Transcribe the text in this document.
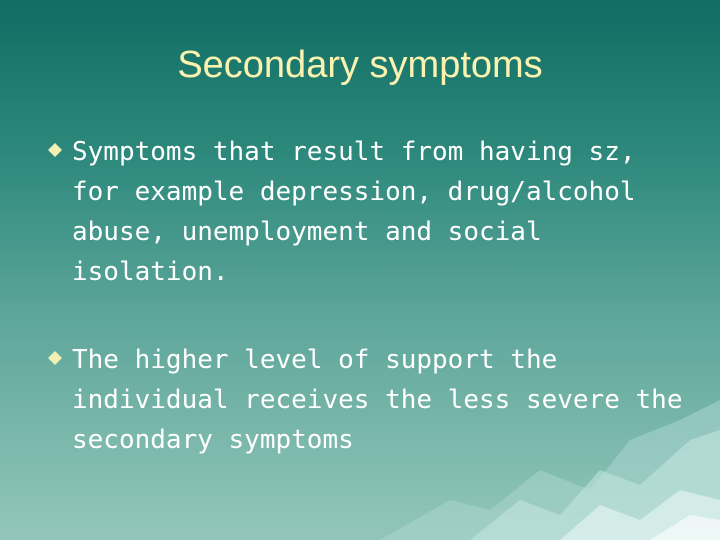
Secondary symptoms
Symptoms that result from having sz, for example depression, drug/alcohol abuse, unemployment and social isolation.
The higher level of support the individual receives the less severe the secondary symptoms
